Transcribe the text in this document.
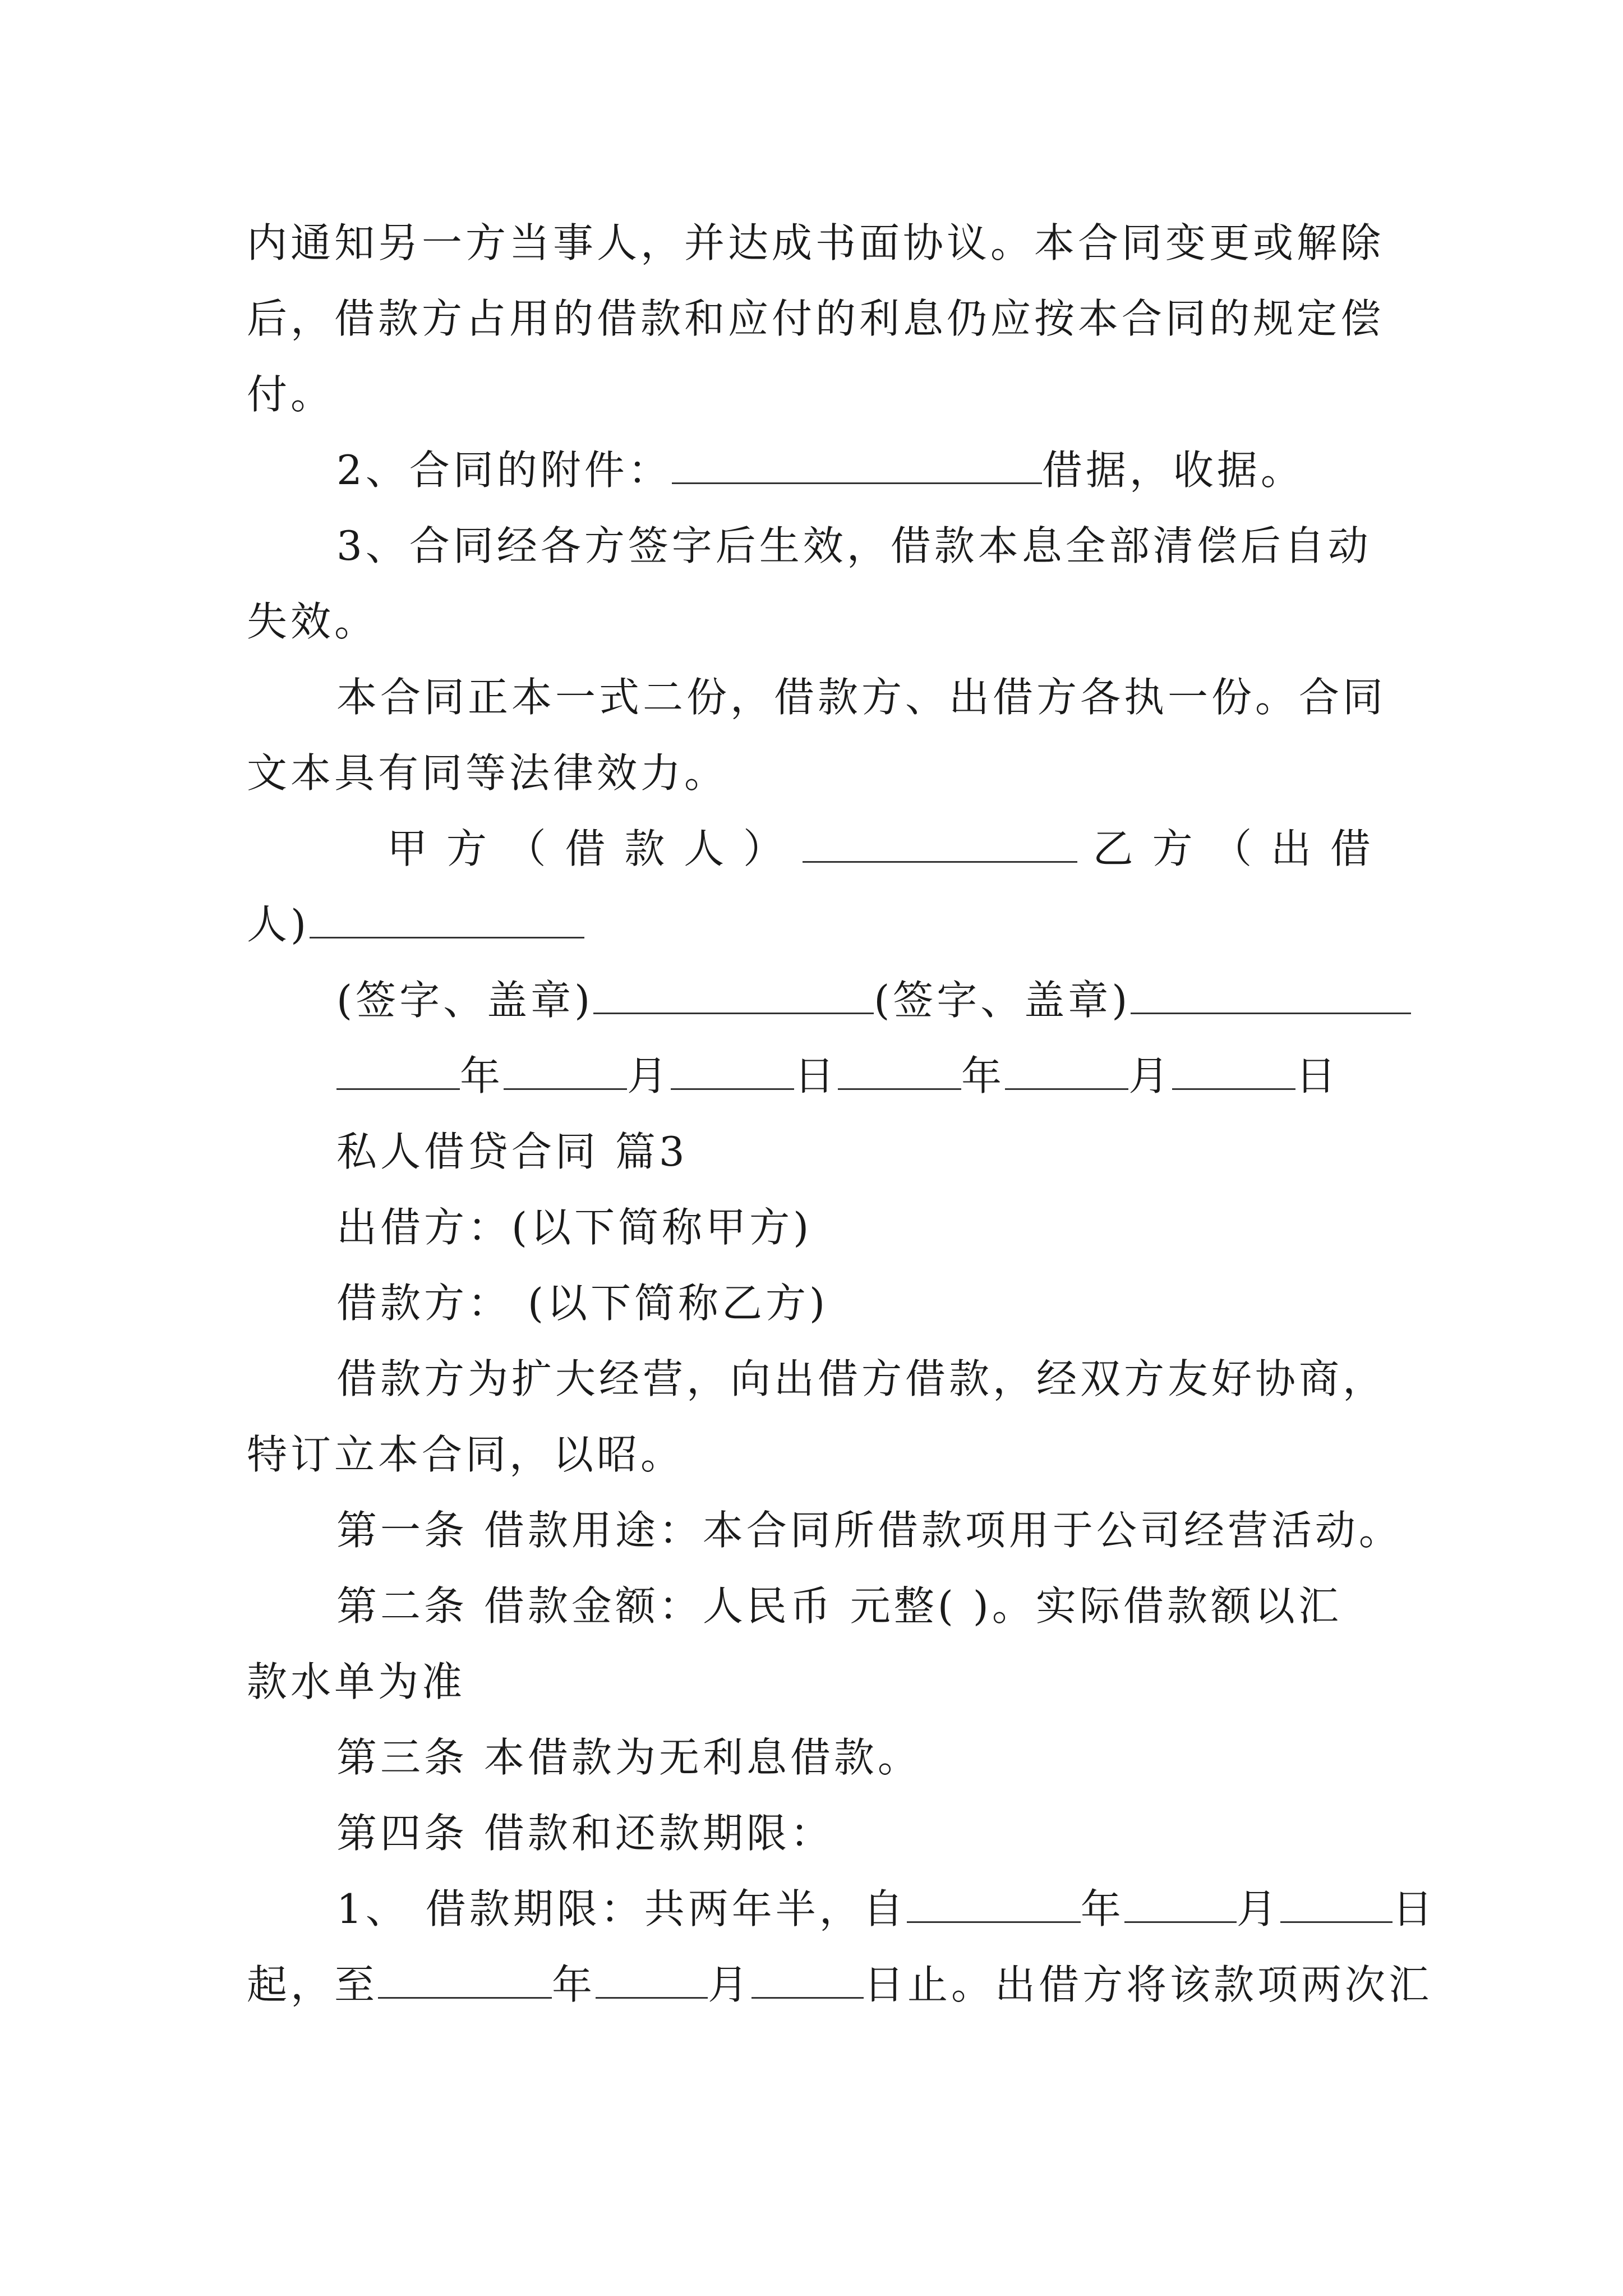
内通知另一方当事人，并达成书面协议。本合同变更或解除
后，借款方占用的借款和应付的利息仍应按本合同的规定偿
付。
2、合同的附件：	借据，收据。
3、合同经各方签字后生效，借款本息全部清偿后自动
失效。
本合同正本一式二份，借款方、出借方各执一份。合同
文本具有同等法律效力。
甲 方 （ 借 款 人 ）	乙 方 （ 出 借
人)
(签字、盖章)	(签字、盖章)
年	月	日	年	月	日
私人借贷合同 篇3
出借方：(以下简称甲方)
借款方： (以下简称乙方)
借款方为扩大经营，向出借方借款，经双方友好协商，
特订立本合同，以昭。
第一条 借款用途：本合同所借款项用于公司经营活动。
第二条 借款金额：人民币 元整( )。实际借款额以汇
款水单为准
第三条 本借款为无利息借款。
第四条 借款和还款期限：
1、 借款期限：共两年半，自	年	月	日
起，至	年	月	日止。出借方将该款项两次汇
